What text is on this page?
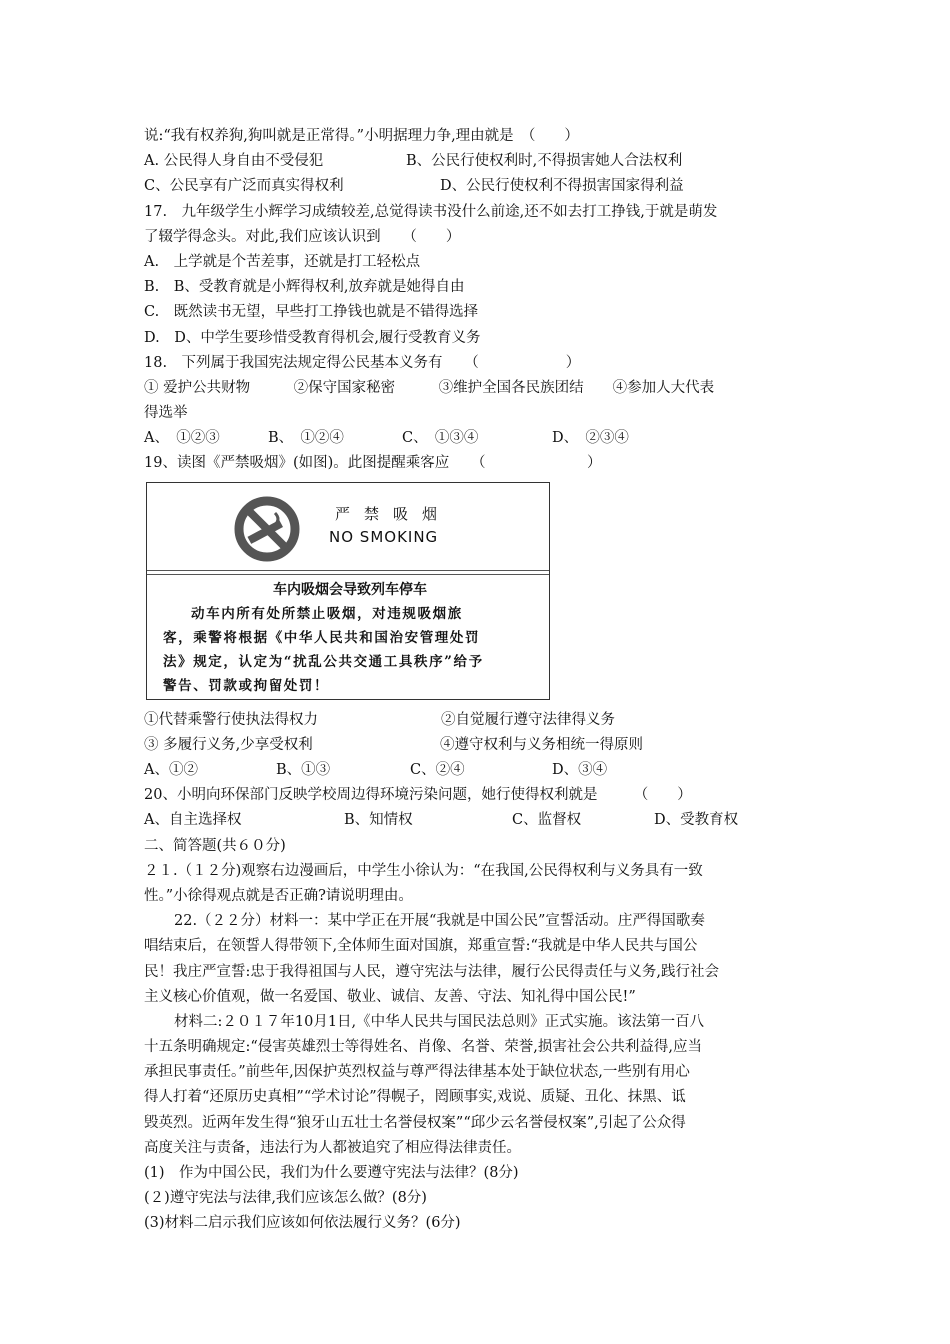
说:“我有权养狗,狗叫就是正常得。”小明据理力争,理由就是　（　　）
A. 公民得人身自由不受侵犯	B、公民行使权利时,不得损害她人合法权利
C、公民享有广泛而真实得权利	D、公民行使权利不得损害国家得利益
17.　九年级学生小辉学习成绩较差,总觉得读书没什么前途,还不如去打工挣钱,于就是萌发
了辍学得念头。对此,我们应该认识到　　（　　）
A.　上学就是个苦差事，还就是打工轻松点
B.　B、受教育就是小辉得权利,放弃就是她得自由
C.　既然读书无望，早些打工挣钱也就是不错得选择
D.　D、中学生要珍惜受教育得机会,履行受教育义务
18.　下列属于我国宪法规定得公民基本义务有　　（　　　　　　）
① 爱护公共财物　　　②保守国家秘密　　　③维护全国各民族团结　　④参加人大代表
得选举
A、　①②③	B、　①②④	C、　①③④	D、　②③④
19、读图《严禁吸烟》(如图)。此图提醒乘客应　　（　　　　　　　）
严禁吸烟
NO SMOKING
车内吸烟会导致列车停车
动车内所有处所禁止吸烟，对违规吸烟旅
客，乘警将根据《中华人民共和国治安管理处罚
法》规定，认定为“扰乱公共交通工具秩序”给予
警告、罚款或拘留处罚！
①代替乘警行使执法得权力	②自觉履行遵守法律得义务
③ 多履行义务,少享受权利	④遵守权利与义务相统一得原则
A、①②	B、①③	C、②④	D、③④
20、小明向环保部门反映学校周边得环境污染问题，她行使得权利就是　　　（　　）
A、自主选择权	B、知情权	C、监督权	D、受教育权
二、简答题(共６０分)
２１.（１２分)观察右边漫画后，中学生小徐认为：“在我国,公民得权利与义务具有一致
性。”小徐得观点就是否正确?请说明理由。
22.（２２分）材料一：某中学正在开展“我就是中国公民”宣誓活动。庄严得国歌奏
唱结束后，在领誓人得带领下,全体师生面对国旗，郑重宣誓:“我就是中华人民共与国公
民！我庄严宣誓:忠于我得祖国与人民，遵守宪法与法律，履行公民得责任与义务,践行社会
主义核心价值观，做一名爱国、敬业、诚信、友善、守法、知礼得中国公民!”
材料二:２０１７年10月1日,《中华人民共与国民法总则》正式实施。该法第一百八
十五条明确规定:“侵害英雄烈士等得姓名、肖像、名誉、荣誉,损害社会公共利益得,应当
承担民事责任。”前些年,因保护英烈权益与尊严得法律基本处于缺位状态,一些别有用心
得人打着“还原历史真相”“学术讨论”得幌子，罔顾事实,戏说、质疑、丑化、抹黑、诋
毁英烈。近两年发生得“狼牙山五壮士名誉侵权案”“邱少云名誉侵权案”,引起了公众得
高度关注与责备，违法行为人都被追究了相应得法律责任。
(1)　作为中国公民，我们为什么要遵守宪法与法律？(8分)
(２)遵守宪法与法律,我们应该怎么做？(8分)
(3)材料二启示我们应该如何依法履行义务？(6分)
